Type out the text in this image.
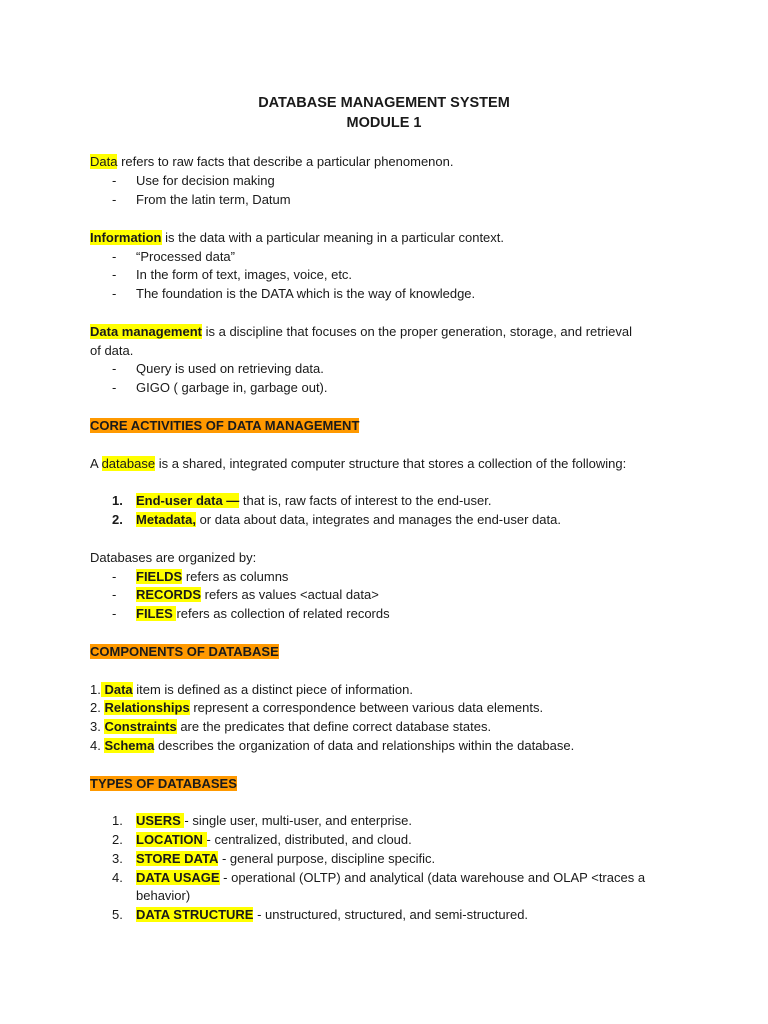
DATABASE MANAGEMENT SYSTEM
MODULE 1
Data refers to raw facts that describe a particular phenomenon.
- Use for decision making
- From the latin term, Datum
Information is the data with a particular meaning in a particular context.
- “Processed data”
- In the form of text, images, voice, etc.
- The foundation is the DATA which is the way of knowledge.
Data management is a discipline that focuses on the proper generation, storage, and retrieval
of data.
- Query is used on retrieving data.
- GIGO ( garbage in, garbage out).
CORE ACTIVITIES OF DATA MANAGEMENT
A database is a shared, integrated computer structure that stores a collection of the following:
1. End-user data — that is, raw facts of interest to the end-user.
2. Metadata, or data about data, integrates and manages the end-user data.
Databases are organized by:
- FIELDS refers as columns
- RECORDS refers as values <actual data>
- FILES refers as collection of related records
COMPONENTS OF DATABASE
1. Data item is defined as a distinct piece of information.
2. Relationships represent a correspondence between various data elements.
3. Constraints are the predicates that define correct database states.
4. Schema describes the organization of data and relationships within the database.
TYPES OF DATABASES
1. USERS - single user, multi-user, and enterprise.
2. LOCATION - centralized, distributed, and cloud.
3. STORE DATA - general purpose, discipline specific.
4. DATA USAGE - operational (OLTP) and analytical (data warehouse and OLAP <traces a
behavior)
5. DATA STRUCTURE - unstructured, structured, and semi-structured.
